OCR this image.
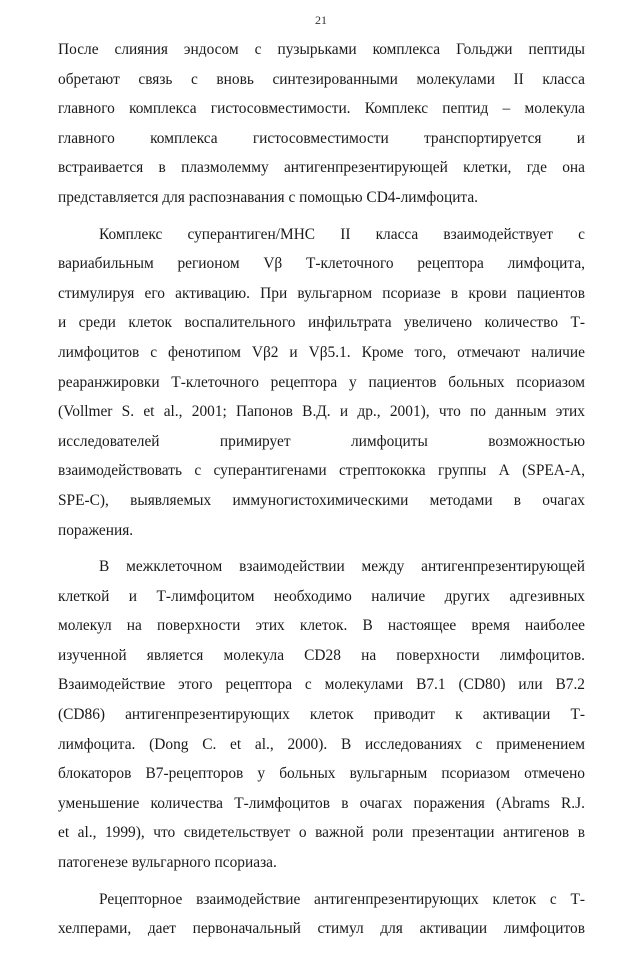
21

После слияния эндосом с пузырьками комплекса Гольджи пептиды
обретают связь с вновь синтезированными молекулами II класса
главного комплекса гистосовместимости. Комплекс пептид – молекула
главного комплекса гистосовместимости транспортируется и
встраивается в плазмолемму антигенпрезентирующей клетки, где она
представляется для распознавания с помощью CD4-лимфоцита.

Комплекс суперантиген/MHC II класса взаимодействует с
вариабильным регионом Vβ Т-клеточного рецептора лимфоцита,
стимулируя его активацию. При вульгарном псориазе в крови пациентов
и среди клеток воспалительного инфильтрата увеличено количество Т-
лимфоцитов с фенотипом Vβ2 и Vβ5.1. Кроме того, отмечают наличие
реаранжировки Т-клеточного рецептора у пациентов больных псориазом
(Vollmer S. et al., 2001; Папонов В.Д. и др., 2001), что по данным этих
исследователей примирует лимфоциты возможностью
взаимодействовать с суперантигенами стрептококка группы А (SPEA-A,
SPE-C), выявляемых иммуногистохимическими методами в очагах
поражения.

В межклеточном взаимодействии между антигенпрезентирующей
клеткой и Т-лимфоцитом необходимо наличие других адгезивных
молекул на поверхности этих клеток. В настоящее время наиболее
изученной является молекула CD28 на поверхности лимфоцитов.
Взаимодействие этого рецептора с молекулами В7.1 (CD80) или В7.2
(CD86) антигенпрезентирующих клеток приводит к активации Т-
лимфоцита. (Dong C. et al., 2000). В исследованиях с применением
блокаторов В7-рецепторов у больных вульгарным псориазом отмечено
уменьшение количества Т-лимфоцитов в очагах поражения (Abrams R.J.
et al., 1999), что свидетельствует о важной роли презентации антигенов в
патогенезе вульгарного псориаза.

Рецепторное взаимодействие антигенпрезентирующих клеток с Т-
хелперами, дает первоначальный стимул для активации лимфоцитов
